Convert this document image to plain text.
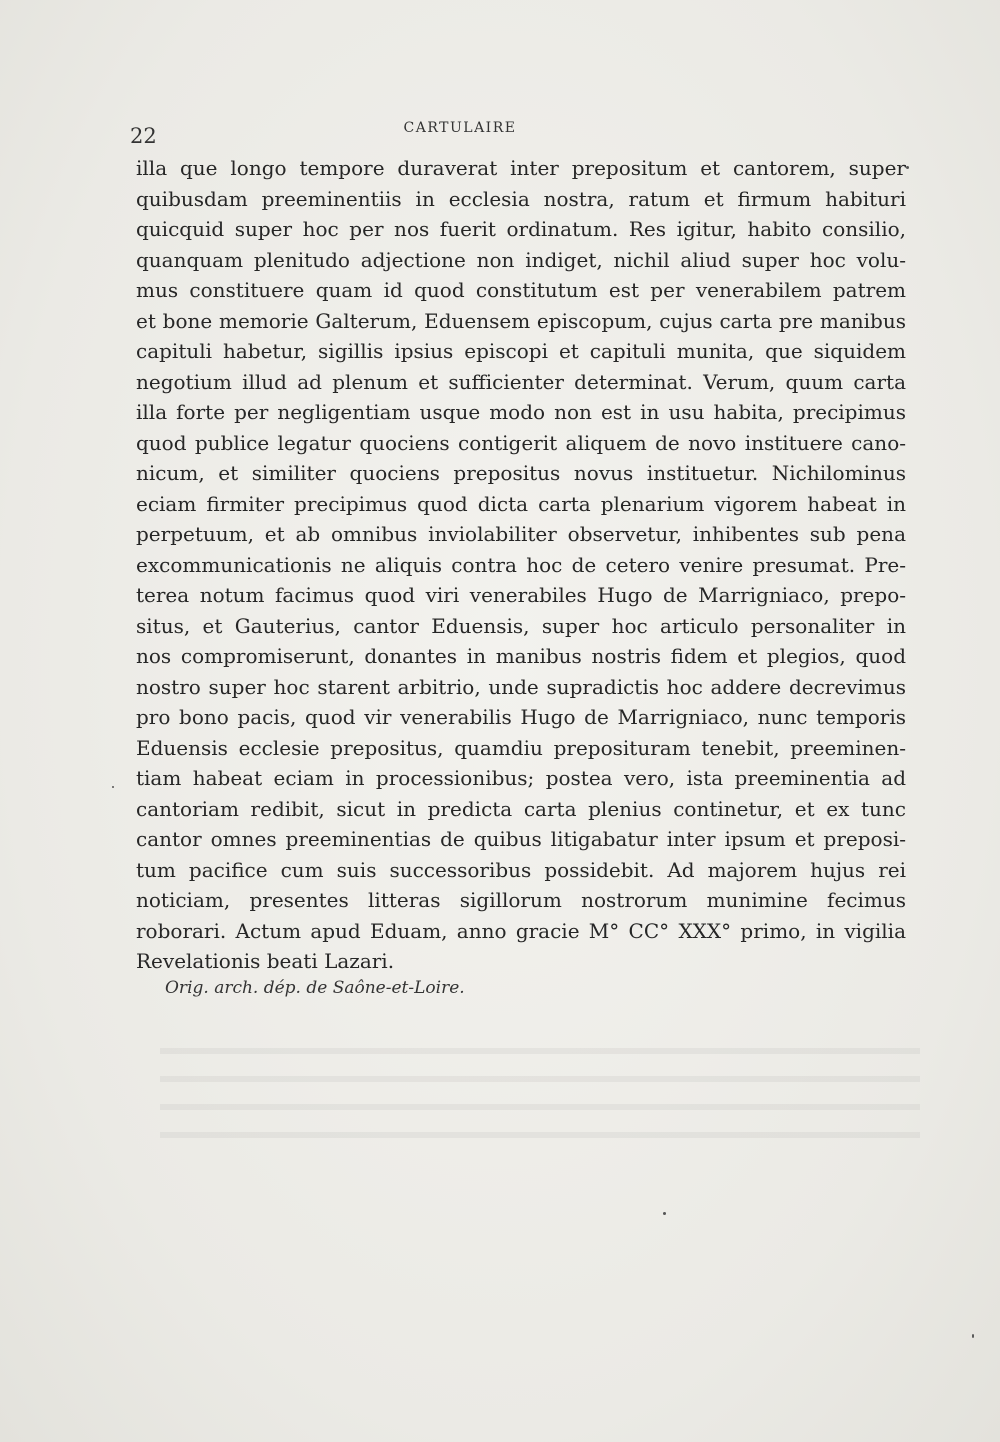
22	CARTULAIRE
illa que longo tempore duraverat inter prepositum et cantorem, super
quibusdam preeminentiis in ecclesia nostra, ratum et firmum habituri
quicquid super hoc per nos fuerit ordinatum. Res igitur, habito consilio,
quanquam plenitudo adjectione non indiget, nichil aliud super hoc volu-
mus constituere quam id quod constitutum est per venerabilem patrem
et bone memorie Galterum, Eduensem episcopum, cujus carta pre manibus
capituli habetur, sigillis ipsius episcopi et capituli munita, que siquidem
negotium illud ad plenum et sufficienter determinat. Verum, quum carta
illa forte per negligentiam usque modo non est in usu habita, precipimus
quod publice legatur quociens contigerit aliquem de novo instituere cano-
nicum, et similiter quociens prepositus novus instituetur. Nichilominus
eciam firmiter precipimus quod dicta carta plenarium vigorem habeat in
perpetuum, et ab omnibus inviolabiliter observetur, inhibentes sub pena
excommunicationis ne aliquis contra hoc de cetero venire presumat. Pre-
terea notum facimus quod viri venerabiles Hugo de Marrigniaco, prepo-
situs, et Gauterius, cantor Eduensis, super hoc articulo personaliter in
nos compromiserunt, donantes in manibus nostris fidem et plegios, quod
nostro super hoc starent arbitrio, unde supradictis hoc addere decrevimus
pro bono pacis, quod vir venerabilis Hugo de Marrigniaco, nunc temporis
Eduensis ecclesie prepositus, quamdiu preposituram tenebit, preeminen-
tiam habeat eciam in processionibus; postea vero, ista preeminentia ad
cantoriam redibit, sicut in predicta carta plenius continetur, et ex tunc
cantor omnes preeminentias de quibus litigabatur inter ipsum et preposi-
tum pacifice cum suis successoribus possidebit. Ad majorem hujus rei
noticiam, presentes litteras sigillorum nostrorum munimine fecimus
roborari. Actum apud Eduam, anno gracie M° CC° XXX° primo, in vigilia
Revelationis beati Lazari.
Orig. arch. dép. de Saône-et-Loire.
